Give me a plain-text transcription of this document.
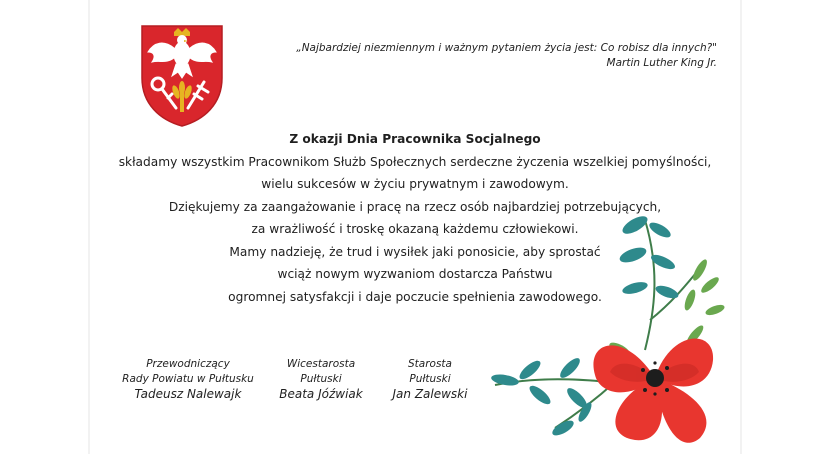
„Najbardziej niezmiennym i ważnym pytaniem życia jest: Co robisz dla innych?"
Martin Luther King Jr.
Z okazji Dnia Pracownika Socjalnego
składamy wszystkim Pracownikom Służb Społecznych serdeczne życzenia wszelkiej pomyślności,
wielu sukcesów w życiu prywatnym i zawodowym.
Dziękujemy za zaangażowanie i pracę na rzecz osób najbardziej potrzebujących,
za wrażliwość i troskę okazaną każdemu człowiekowi.
Mamy nadzieję, że trud i wysiłek jaki ponosicie, aby sprostać
wciąż nowym wyzwaniom dostarcza Państwu
ogromnej satysfakcji i daje poczucie spełnienia zawodowego.
Przewodniczący
Rady Powiatu w Pułtusku
Tadeusz Nalewajk
Wicestarosta
Pułtuski
Beata Jóźwiak
Starosta
Pułtuski
Jan Zalewski
